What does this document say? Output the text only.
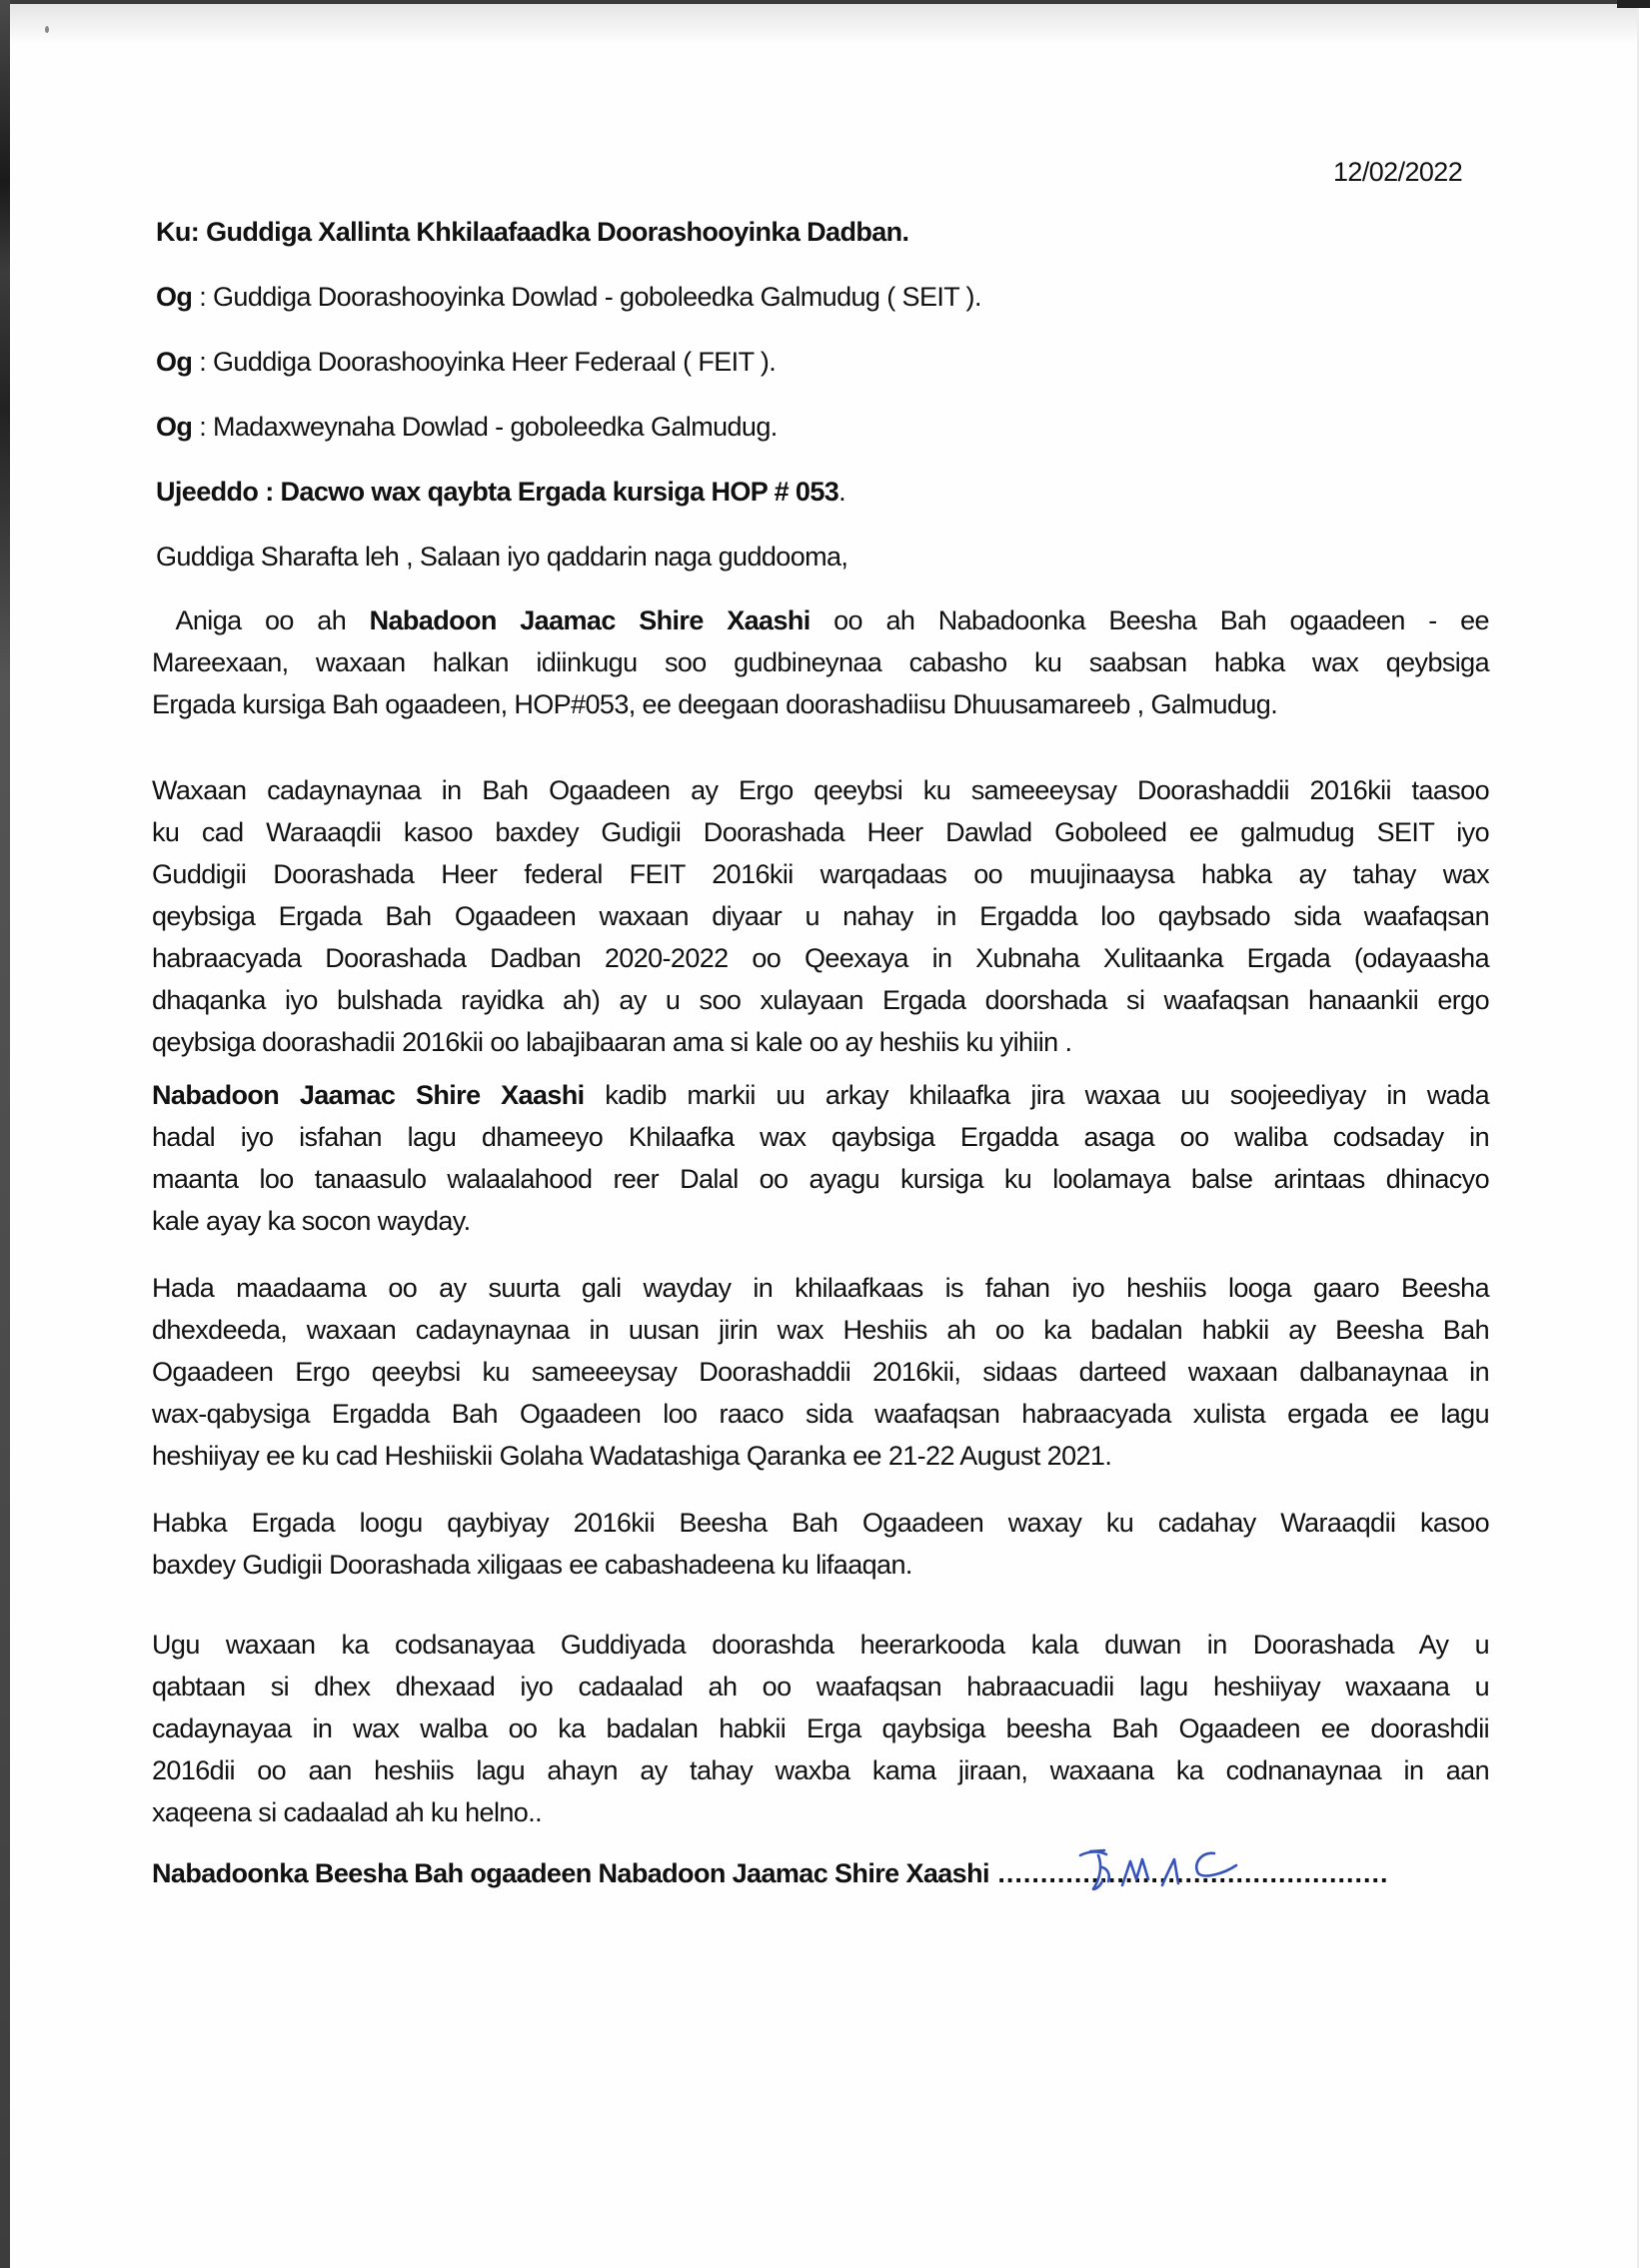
12/02/2022
Ku: Guddiga Xallinta Khkilaafaadka Doorashooyinka Dadban.
Og : Guddiga Doorashooyinka Dowlad - goboleedka Galmudug ( SEIT ).
Og : Guddiga Doorashooyinka Heer Federaal ( FEIT ).
Og : Madaxweynaha Dowlad - goboleedka Galmudug.
Ujeeddo : Dacwo wax qaybta Ergada kursiga HOP # 053.
Guddiga Sharafta leh , Salaan iyo qaddarin naga guddooma,
Aniga oo ah Nabadoon Jaamac Shire Xaashi oo ah Nabadoonka Beesha Bah ogaadeen - ee
Mareexaan, waxaan halkan idiinkugu soo gudbineynaa cabasho ku saabsan habka wax qeybsiga
Ergada kursiga Bah ogaadeen, HOP#053, ee deegaan doorashadiisu Dhuusamareeb , Galmudug.
Waxaan cadaynaynaa in Bah Ogaadeen ay Ergo qeeybsi ku sameeeysay Doorashaddii 2016kii taasoo
ku cad Waraaqdii kasoo baxdey Gudigii Doorashada Heer Dawlad Goboleed ee galmudug SEIT iyo
Guddigii Doorashada Heer federal FEIT 2016kii warqadaas oo muujinaaysa habka ay tahay wax
qeybsiga Ergada Bah Ogaadeen waxaan diyaar u nahay in Ergadda loo qaybsado sida waafaqsan
habraacyada Doorashada Dadban 2020-2022 oo Qeexaya in Xubnaha Xulitaanka Ergada (odayaasha
dhaqanka iyo bulshada rayidka ah) ay u soo xulayaan Ergada doorshada si waafaqsan hanaankii ergo
qeybsiga doorashadii 2016kii oo labajibaaran ama si kale oo ay heshiis ku yihiin .
Nabadoon Jaamac Shire Xaashi kadib markii uu arkay khilaafka jira waxaa uu soojeediyay in wada
hadal iyo isfahan lagu dhameeyo Khilaafka wax qaybsiga Ergadda asaga oo waliba codsaday in
maanta loo tanaasulo walaalahood reer Dalal oo ayagu kursiga ku loolamaya balse arintaas dhinacyo
kale ayay ka socon wayday.
Hada maadaama oo ay suurta gali wayday in khilaafkaas is fahan iyo heshiis looga gaaro Beesha
dhexdeeda, waxaan cadaynaynaa in uusan jirin wax Heshiis ah oo ka badalan habkii ay Beesha Bah
Ogaadeen Ergo qeeybsi ku sameeeysay Doorashaddii 2016kii, sidaas darteed waxaan dalbanaynaa in
wax-qabysiga Ergadda Bah Ogaadeen loo raaco sida waafaqsan habraacyada xulista ergada ee lagu
heshiiyay ee ku cad Heshiiskii Golaha Wadatashiga Qaranka ee 21-22 August 2021.
Habka Ergada loogu qaybiyay 2016kii Beesha Bah Ogaadeen waxay ku cadahay Waraaqdii kasoo
baxdey Gudigii Doorashada xiligaas ee cabashadeena ku lifaaqan.
Ugu waxaan ka codsanayaa Guddiyada doorashda heerarkooda kala duwan in Doorashada Ay u
qabtaan si dhex dhexaad iyo cadaalad ah oo waafaqsan habraacuadii lagu heshiiyay waxaana u
cadaynayaa in wax walba oo ka badalan habkii Erga qaybsiga beesha Bah Ogaadeen ee doorashdii
2016dii oo aan heshiis lagu ahayn ay tahay waxba kama jiraan, waxaana ka codnanaynaa in aan
xaqeena si cadaalad ah ku helno..
Nabadoonka Beesha Bah ogaadeen Nabadoon Jaamac Shire Xaashi ..............................................
